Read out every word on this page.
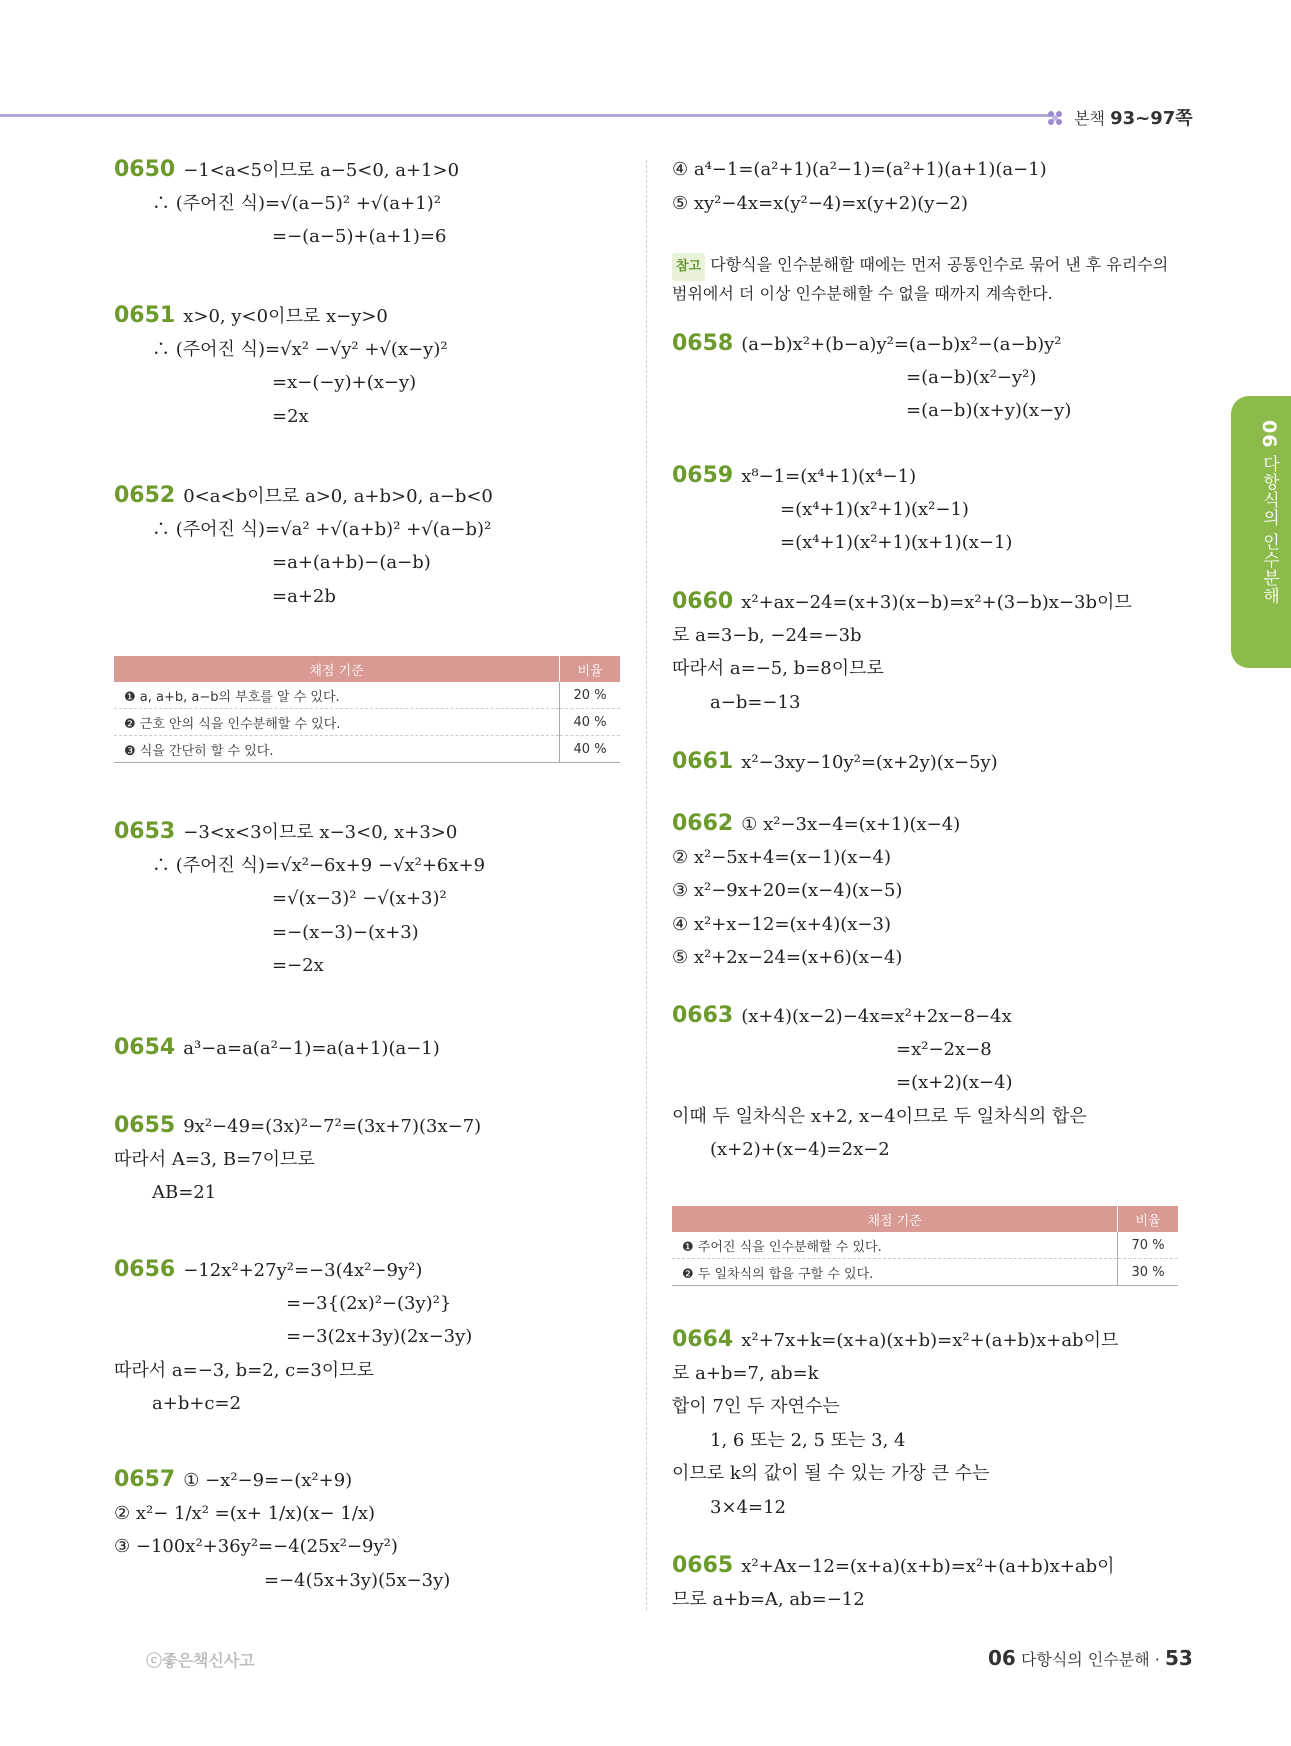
본책 93~97쪽
06 다항식의 인수분해
0650 −1<a<5이므로 a−5<0, a+1>0
∴ (주어진 식)=√(a−5)² +√(a+1)²
=−(a−5)+(a+1)=6
0651 x>0, y<0이므로 x−y>0
∴ (주어진 식)=√x² −√y² +√(x−y)²
=x−(−y)+(x−y)
=2x
0652 0<a<b이므로 a>0, a+b>0, a−b<0
∴ (주어진 식)=√a² +√(a+b)² +√(a−b)²
=a+(a+b)−(a−b)
=a+2b
0653 −3<x<3이므로 x−3<0, x+3>0
∴ (주어진 식)=√x²−6x+9 −√x²+6x+9
=√(x−3)² −√(x+3)²
=−(x−3)−(x+3)
=−2x
0654 a³−a=a(a²−1)=a(a+1)(a−1)
0655 9x²−49=(3x)²−7²=(3x+7)(3x−7)
따라서 A=3, B=7이므로
AB=21
0656 −12x²+27y²=−3(4x²−9y²)
=−3{(2x)²−(3y)²}
=−3(2x+3y)(2x−3y)
따라서 a=−3, b=2, c=3이므로
a+b+c=2
0657 ① −x²−9=−(x²+9)
② x²− 1/x² =(x+ 1/x)(x− 1/x)
③ −100x²+36y²=−4(25x²−9y²)
=−4(5x+3y)(5x−3y)
④ a⁴−1=(a²+1)(a²−1)=(a²+1)(a+1)(a−1)
⑤ xy²−4x=x(y²−4)=x(y+2)(y−2)
0658 (a−b)x²+(b−a)y²=(a−b)x²−(a−b)y²
=(a−b)(x²−y²)
=(a−b)(x+y)(x−y)
0659 x⁸−1=(x⁴+1)(x⁴−1)
=(x⁴+1)(x²+1)(x²−1)
=(x⁴+1)(x²+1)(x+1)(x−1)
0660 x²+ax−24=(x+3)(x−b)=x²+(3−b)x−3b이므
로 a=3−b, −24=−3b
따라서 a=−5, b=8이므로
a−b=−13
0661 x²−3xy−10y²=(x+2y)(x−5y)
0662 ① x²−3x−4=(x+1)(x−4)
② x²−5x+4=(x−1)(x−4)
③ x²−9x+20=(x−4)(x−5)
④ x²+x−12=(x+4)(x−3)
⑤ x²+2x−24=(x+6)(x−4)
0663 (x+4)(x−2)−4x=x²+2x−8−4x
=x²−2x−8
=(x+2)(x−4)
이때 두 일차식은 x+2, x−4이므로 두 일차식의 합은
(x+2)+(x−4)=2x−2
0664 x²+7x+k=(x+a)(x+b)=x²+(a+b)x+ab이므
로 a+b=7, ab=k
합이 7인 두 자연수는
1, 6 또는 2, 5 또는 3, 4
이므로 k의 값이 될 수 있는 가장 큰 수는
3×4=12
0665 x²+Ax−12=(x+a)(x+b)=x²+(a+b)x+ab이
므로 a+b=A, ab=−12
참고 다항식을 인수분해할 때에는 먼저 공통인수로 묶어 낸 후 유리수의
범위에서 더 이상 인수분해할 수 없을 때까지 계속한다.
채점 기준	비율
❶ a, a+b, a−b의 부호를 알 수 있다.	20 %
❷ 근호 안의 식을 인수분해할 수 있다.	40 %
❸ 식을 간단히 할 수 있다.	40 %
채점 기준	비율
❶ 주어진 식을 인수분해할 수 있다.	70 %
❷ 두 일차식의 합을 구할 수 있다.	30 %
ⓒ좋은책신사고	06 다항식의 인수분해 · 53
